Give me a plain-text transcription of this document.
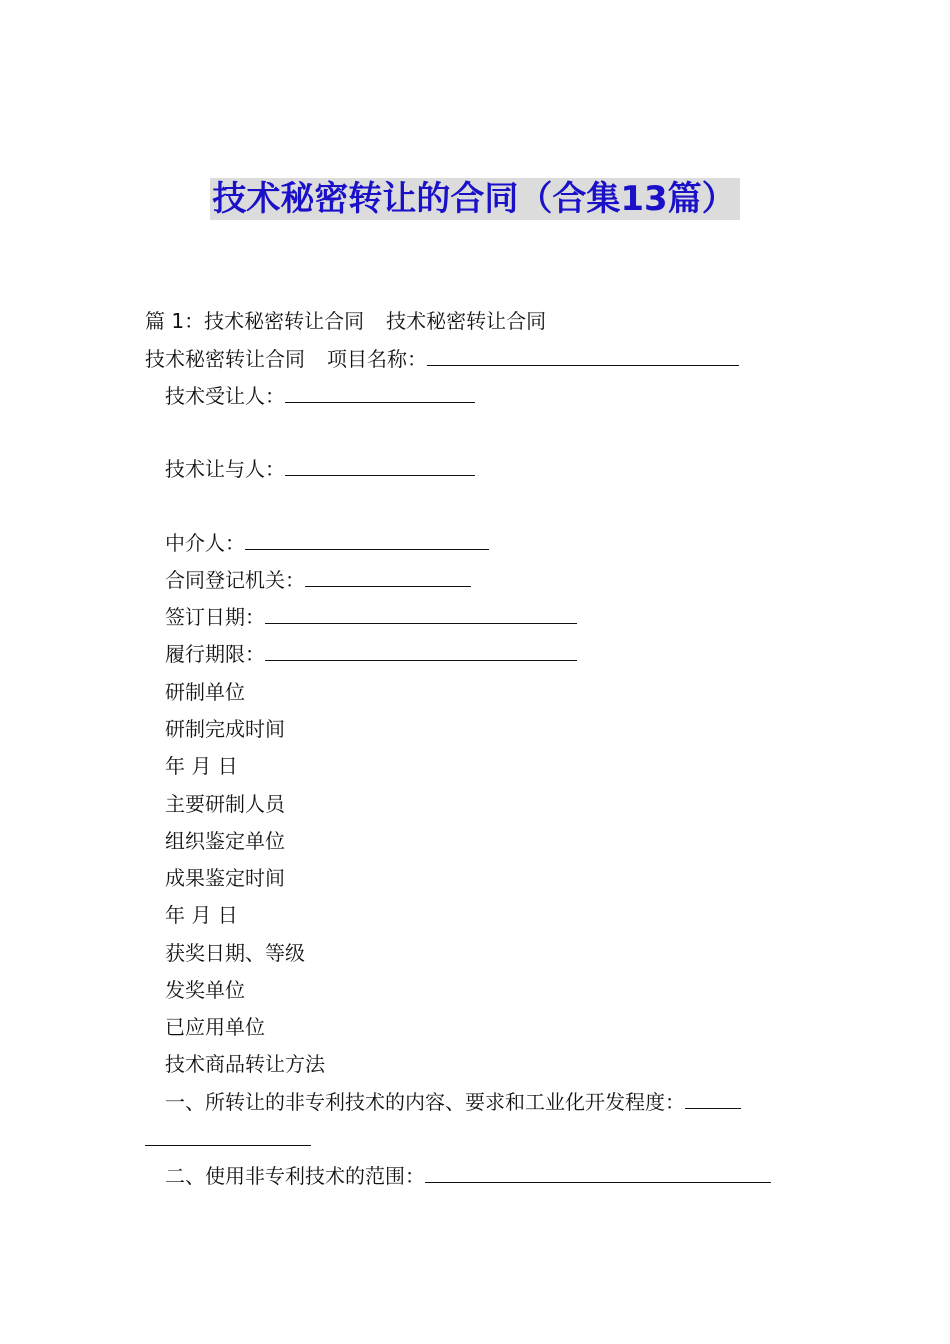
技术秘密转让的合同（合集13篇）
篇 1：技术秘密转让合同 技术秘密转让合同
技术秘密转让合同 项目名称：
技术受让人：
技术让与人：
中介人：
合同登记机关：
签订日期：
履行期限：
研制单位
研制完成时间
年 月 日
主要研制人员
组织鉴定单位
成果鉴定时间
年 月 日
获奖日期、等级
发奖单位
已应用单位
技术商品转让方法
一、所转让的非专利技术的内容、要求和工业化开发程度：
二、使用非专利技术的范围：
